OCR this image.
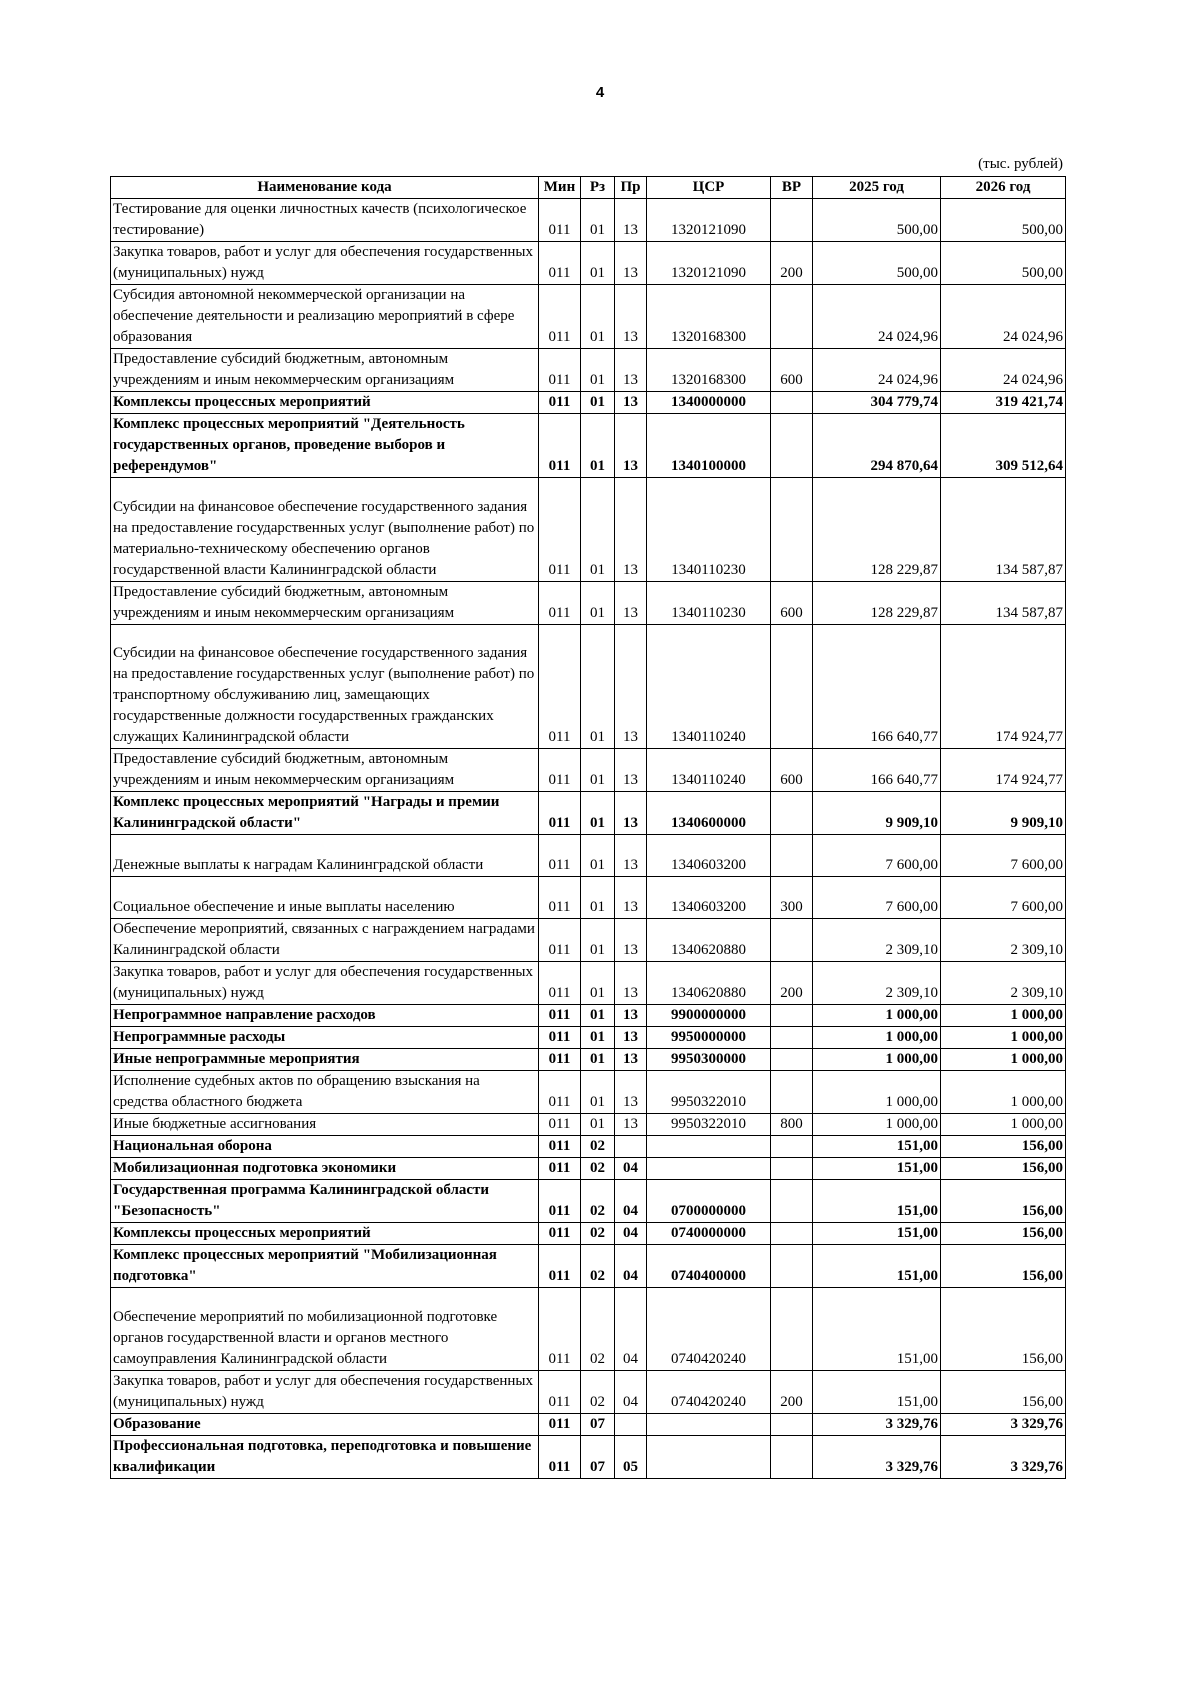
4
(тыс. рублей)
Наименование кода	Мин	Рз	Пр	ЦСР	ВР	2025 год	2026 год
Тестирование для оценки личностных качеств (психологическое тестирование)	011	01	13	1320121090		500,00	500,00
Закупка товаров, работ и услуг для обеспечения государственных (муниципальных) нужд	011	01	13	1320121090	200	500,00	500,00
Субсидия автономной некоммерческой организации на обеспечение деятельности и реализацию мероприятий в сфере образования	011	01	13	1320168300		24 024,96	24 024,96
Предоставление субсидий бюджетным, автономным учреждениям и иным некоммерческим организациям	011	01	13	1320168300	600	24 024,96	24 024,96
Комплексы процессных мероприятий	011	01	13	1340000000		304 779,74	319 421,74
Комплекс процессных мероприятий "Деятельность государственных органов, проведение выборов и референдумов"	011	01	13	1340100000		294 870,64	309 512,64
Субсидии на финансовое обеспечение государственного задания на предоставление государственных услуг (выполнение работ) по материально-техническому обеспечению органов государственной власти Калининградской области	011	01	13	1340110230		128 229,87	134 587,87
Предоставление субсидий бюджетным, автономным учреждениям и иным некоммерческим организациям	011	01	13	1340110230	600	128 229,87	134 587,87
Субсидии на финансовое обеспечение государственного задания на предоставление государственных услуг (выполнение работ) по транспортному обслуживанию лиц, замещающих государственные должности государственных гражданских служащих Калининградской области	011	01	13	1340110240		166 640,77	174 924,77
Предоставление субсидий бюджетным, автономным учреждениям и иным некоммерческим организациям	011	01	13	1340110240	600	166 640,77	174 924,77
Комплекс процессных мероприятий "Награды и премии Калининградской области"	011	01	13	1340600000		9 909,10	9 909,10
Денежные выплаты к наградам Калининградской области	011	01	13	1340603200		7 600,00	7 600,00
Социальное обеспечение и иные выплаты населению	011	01	13	1340603200	300	7 600,00	7 600,00
Обеспечение мероприятий, связанных с награждением наградами Калининградской области	011	01	13	1340620880		2 309,10	2 309,10
Закупка товаров, работ и услуг для обеспечения государственных (муниципальных) нужд	011	01	13	1340620880	200	2 309,10	2 309,10
Непрограммное направление расходов	011	01	13	9900000000		1 000,00	1 000,00
Непрограммные расходы	011	01	13	9950000000		1 000,00	1 000,00
Иные непрограммные мероприятия	011	01	13	9950300000		1 000,00	1 000,00
Исполнение судебных актов по обращению взыскания на средства областного бюджета	011	01	13	9950322010		1 000,00	1 000,00
Иные бюджетные ассигнования	011	01	13	9950322010	800	1 000,00	1 000,00
Национальная оборона	011	02				151,00	156,00
Мобилизационная подготовка экономики	011	02	04			151,00	156,00
Государственная программа Калининградской области "Безопасность"	011	02	04	0700000000		151,00	156,00
Комплексы процессных мероприятий	011	02	04	0740000000		151,00	156,00
Комплекс процессных мероприятий "Мобилизационная подготовка"	011	02	04	0740400000		151,00	156,00
Обеспечение мероприятий по мобилизационной подготовке органов государственной власти и органов местного самоуправления Калининградской области	011	02	04	0740420240		151,00	156,00
Закупка товаров, работ и услуг для обеспечения государственных (муниципальных) нужд	011	02	04	0740420240	200	151,00	156,00
Образование	011	07				3 329,76	3 329,76
Профессиональная подготовка, переподготовка и повышение квалификации	011	07	05			3 329,76	3 329,76
